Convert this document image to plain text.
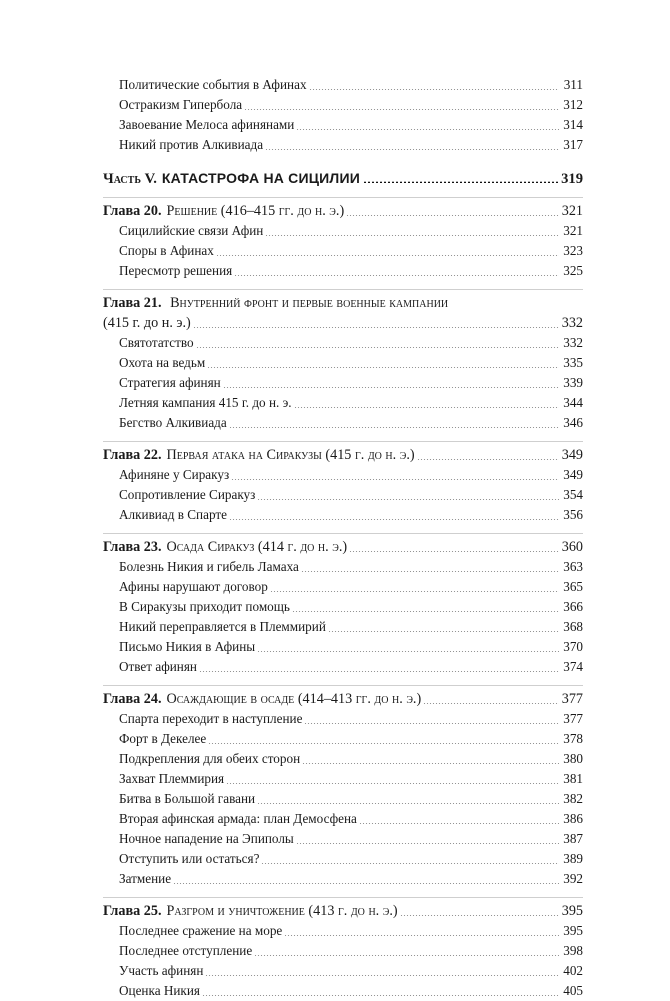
Политические события в Афинах	311
Остракизм Гипербола	312
Завоевание Мелоса афинянами	314
Никий против Алкивиада	317
Часть V. КАТАСТРОФА НА СИЦИЛИИ	319
Глава 20. Решение (416–415 гг. до н. э.)	321
Сицилийские связи Афин	321
Споры в Афинах	323
Пересмотр решения	325
Глава 21. Внутренний фронт и первые военные кампании
(415 г. до н. э.)	332
Святотатство	332
Охота на ведьм	335
Стратегия афинян	339
Летняя кампания 415 г. до н. э.	344
Бегство Алкивиада	346
Глава 22. Первая атака на Сиракузы (415 г. до н. э.)	349
Афиняне у Сиракуз	349
Сопротивление Сиракуз	354
Алкивиад в Спарте	356
Глава 23. Осада Сиракуз (414 г. до н. э.)	360
Болезнь Никия и гибель Ламаха	363
Афины нарушают договор	365
В Сиракузы приходит помощь	366
Никий переправляется в Племмирий	368
Письмо Никия в Афины	370
Ответ афинян	374
Глава 24. Осаждающие в осаде (414–413 гг. до н. э.)	377
Спарта переходит в наступление	377
Форт в Декелее	378
Подкрепления для обеих сторон	380
Захват Племмирия	381
Битва в Большой гавани	382
Вторая афинская армада: план Демосфена	386
Ночное нападение на Эпиполы	387
Отступить или остаться?	389
Затмение	392
Глава 25. Разгром и уничтожение (413 г. до н. э.)	395
Последнее сражение на море	395
Последнее отступление	398
Участь афинян	402
Оценка Никия	405
